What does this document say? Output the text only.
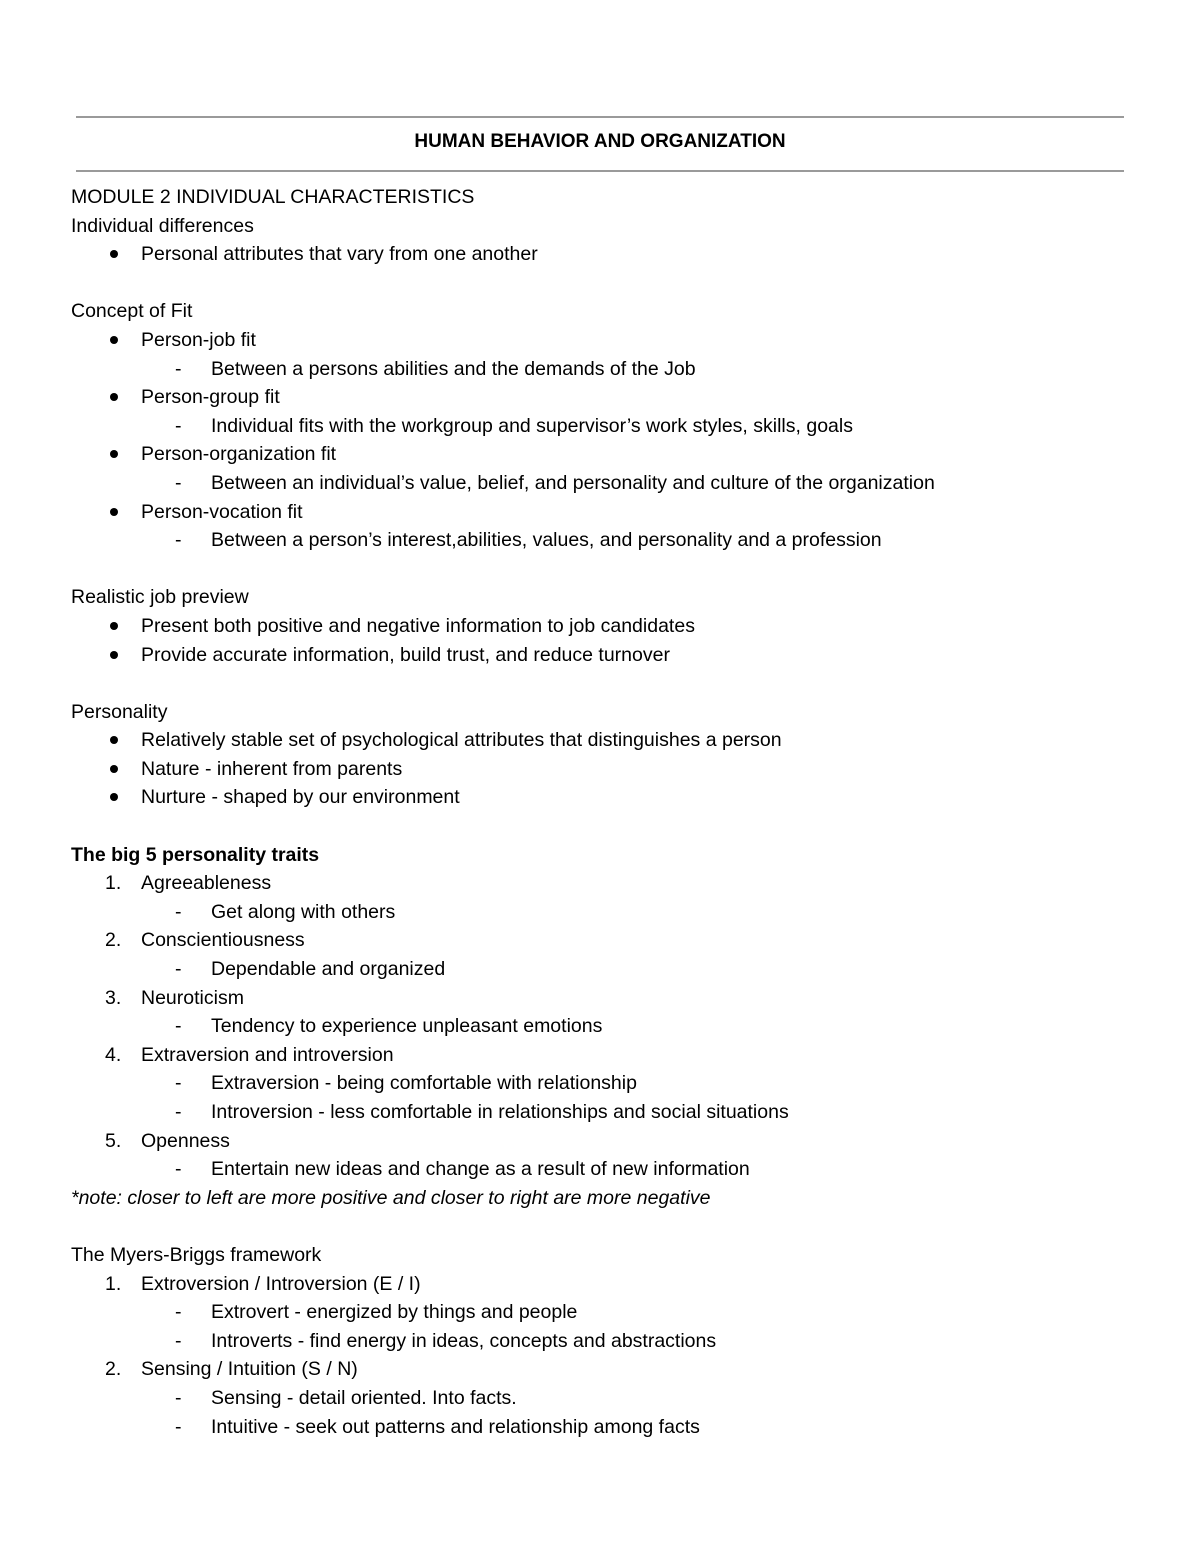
HUMAN BEHAVIOR AND ORGANIZATION
MODULE 2 INDIVIDUAL CHARACTERISTICS
Individual differences
Personal attributes that vary from one another
Concept of Fit
Person-job fit
- Between a persons abilities and the demands of the Job
Person-group fit
- Individual fits with the workgroup and supervisor’s work styles, skills, goals
Person-organization fit
- Between an individual’s value, belief, and personality and culture of the organization
Person-vocation fit
- Between a person’s interest,abilities, values, and personality and a profession
Realistic job preview
Present both positive and negative information to job candidates
Provide accurate information, build trust, and reduce turnover
Personality
Relatively stable set of psychological attributes that distinguishes a person
Nature - inherent from parents
Nurture - shaped by our environment
The big 5 personality traits
1. Agreeableness
- Get along with others
2. Conscientiousness
- Dependable and organized
3. Neuroticism
- Tendency to experience unpleasant emotions
4. Extraversion and introversion
- Extraversion - being comfortable with relationship
- Introversion - less comfortable in relationships and social situations
5. Openness
- Entertain new ideas and change as a result of new information
*note: closer to left are more positive and closer to right are more negative
The Myers-Briggs framework
1. Extroversion / Introversion (E / I)
- Extrovert - energized by things and people
- Introverts - find energy in ideas, concepts and abstractions
2. Sensing / Intuition (S / N)
- Sensing - detail oriented. Into facts.
- Intuitive - seek out patterns and relationship among facts
